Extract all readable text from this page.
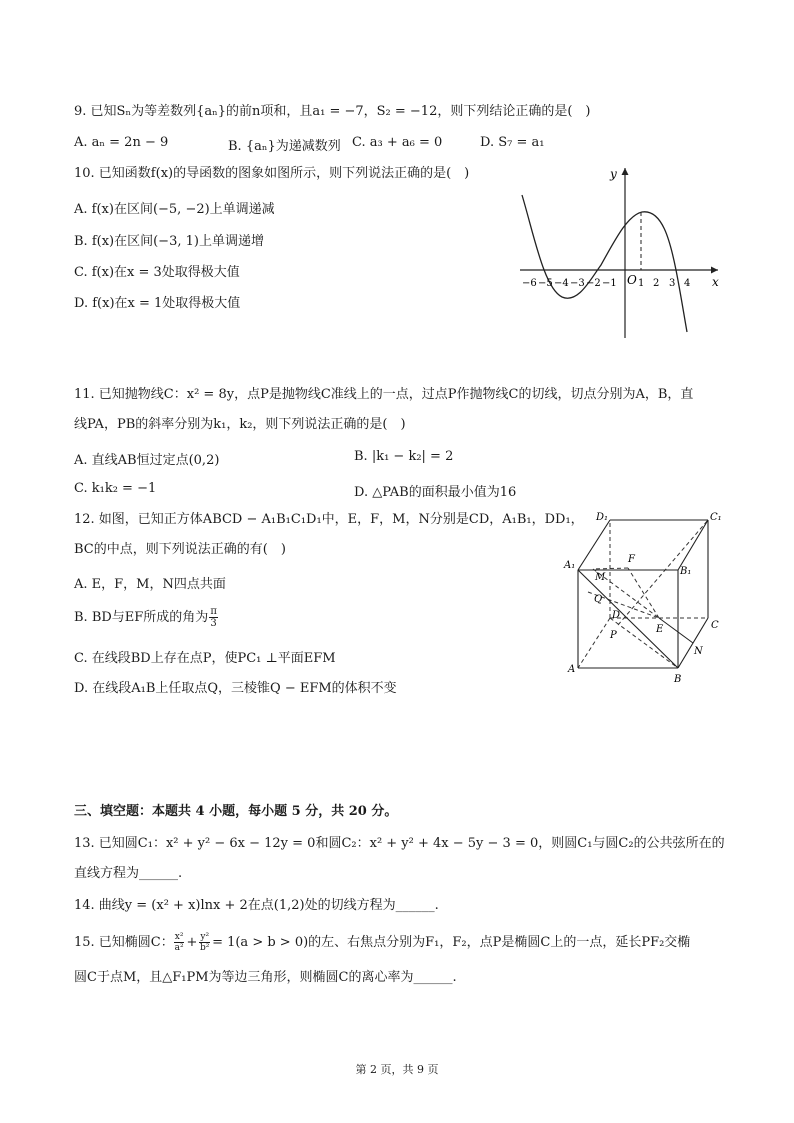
9. 已知Sₙ为等差数列{aₙ}的前n项和，且a₁ = −7，S₂ = −12，则下列结论正确的是(　)
A. aₙ = 2n − 9	B. {aₙ}为递减数列 C. a₃ + a₆ = 0	D. S₇ = a₁
10. 已知函数f(x)的导函数的图象如图所示，则下列说法正确的是(　)
A. f(x)在区间(−5, −2)上单调递减
B. f(x)在区间(−3, 1)上单调递增
C. f(x)在x = 3处取得极大值
D. f(x)在x = 1处取得极大值
y
x
O
−6 −5 −4 −3 −2 −1 1 2 3 4
11. 已知抛物线C：x² = 8y，点P是抛物线C准线上的一点，过点P作抛物线C的切线，切点分别为A，B，直
线PA，PB的斜率分别为k₁，k₂，则下列说法正确的是(　)
A. 直线AB恒过定点(0,2)	B. |k₁ − k₂| = 2
C. k₁k₂ = −1	D. △PAB的面积最小值为16
12. 如图，已知正方体ABCD − A₁B₁C₁D₁中，E，F，M，N分别是CD，A₁B₁，DD₁，
BC的中点，则下列说法正确的有(　)
A. E，F，M，N四点共面
B. BD与EF所成的角为 $\frac{\pi}{3}$
C. 在线段BD上存在点P，使PC₁ ⊥平面EFM
D. 在线段A₁B上任取点Q，三棱锥Q − EFM的体积不变
D₁	C₁
A₁
B₁
A
B
C
D
E
F
M
N
P
Q
三、填空题：本题共 4 小题，每小题 5 分，共 20 分。
13. 已知圆C₁：x² + y² − 6x − 12y = 0和圆C₂：x² + y² + 4x − 5y − 3 = 0，则圆C₁与圆C₂的公共弦所在的
直线方程为______.
14. 曲线y = (x² + x)lnx + 2在点(1,2)处的切线方程为______.
15. 已知椭圆C： $\frac{\text{x²}}{\text{a²}} + \frac{\text{y²}}{\text{b²}} = 1(a > b > 0)$的左、右焦点分别为F₁，F₂，点P是椭圆C上的一点，延长PF₂交椭
圆C于点M，且△F₁PM为等边三角形，则椭圆C的离心率为______.
第 2 页，共 9 页
